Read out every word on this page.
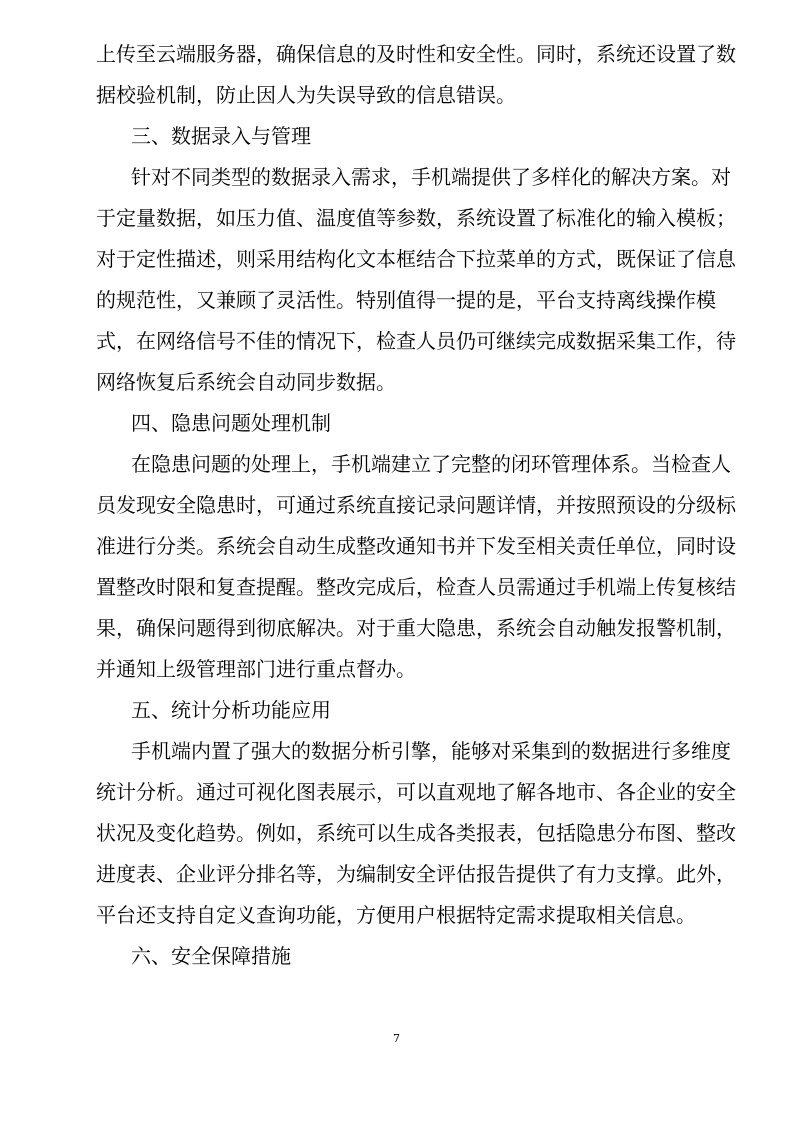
上传至云端服务器，确保信息的及时性和安全性。同时，系统还设置了数
据校验机制，防止因人为失误导致的信息错误。
三、数据录入与管理
针对不同类型的数据录入需求，手机端提供了多样化的解决方案。对
于定量数据，如压力值、温度值等参数，系统设置了标准化的输入模板；
对于定性描述，则采用结构化文本框结合下拉菜单的方式，既保证了信息
的规范性，又兼顾了灵活性。特别值得一提的是，平台支持离线操作模
式，在网络信号不佳的情况下，检查人员仍可继续完成数据采集工作，待
网络恢复后系统会自动同步数据。
四、隐患问题处理机制
在隐患问题的处理上，手机端建立了完整的闭环管理体系。当检查人
员发现安全隐患时，可通过系统直接记录问题详情，并按照预设的分级标
准进行分类。系统会自动生成整改通知书并下发至相关责任单位，同时设
置整改时限和复查提醒。整改完成后，检查人员需通过手机端上传复核结
果，确保问题得到彻底解决。对于重大隐患，系统会自动触发报警机制，
并通知上级管理部门进行重点督办。
五、统计分析功能应用
手机端内置了强大的数据分析引擎，能够对采集到的数据进行多维度
统计分析。通过可视化图表展示，可以直观地了解各地市、各企业的安全
状况及变化趋势。例如，系统可以生成各类报表，包括隐患分布图、整改
进度表、企业评分排名等，为编制安全评估报告提供了有力支撑。此外，
平台还支持自定义查询功能，方便用户根据特定需求提取相关信息。
六、安全保障措施
7
